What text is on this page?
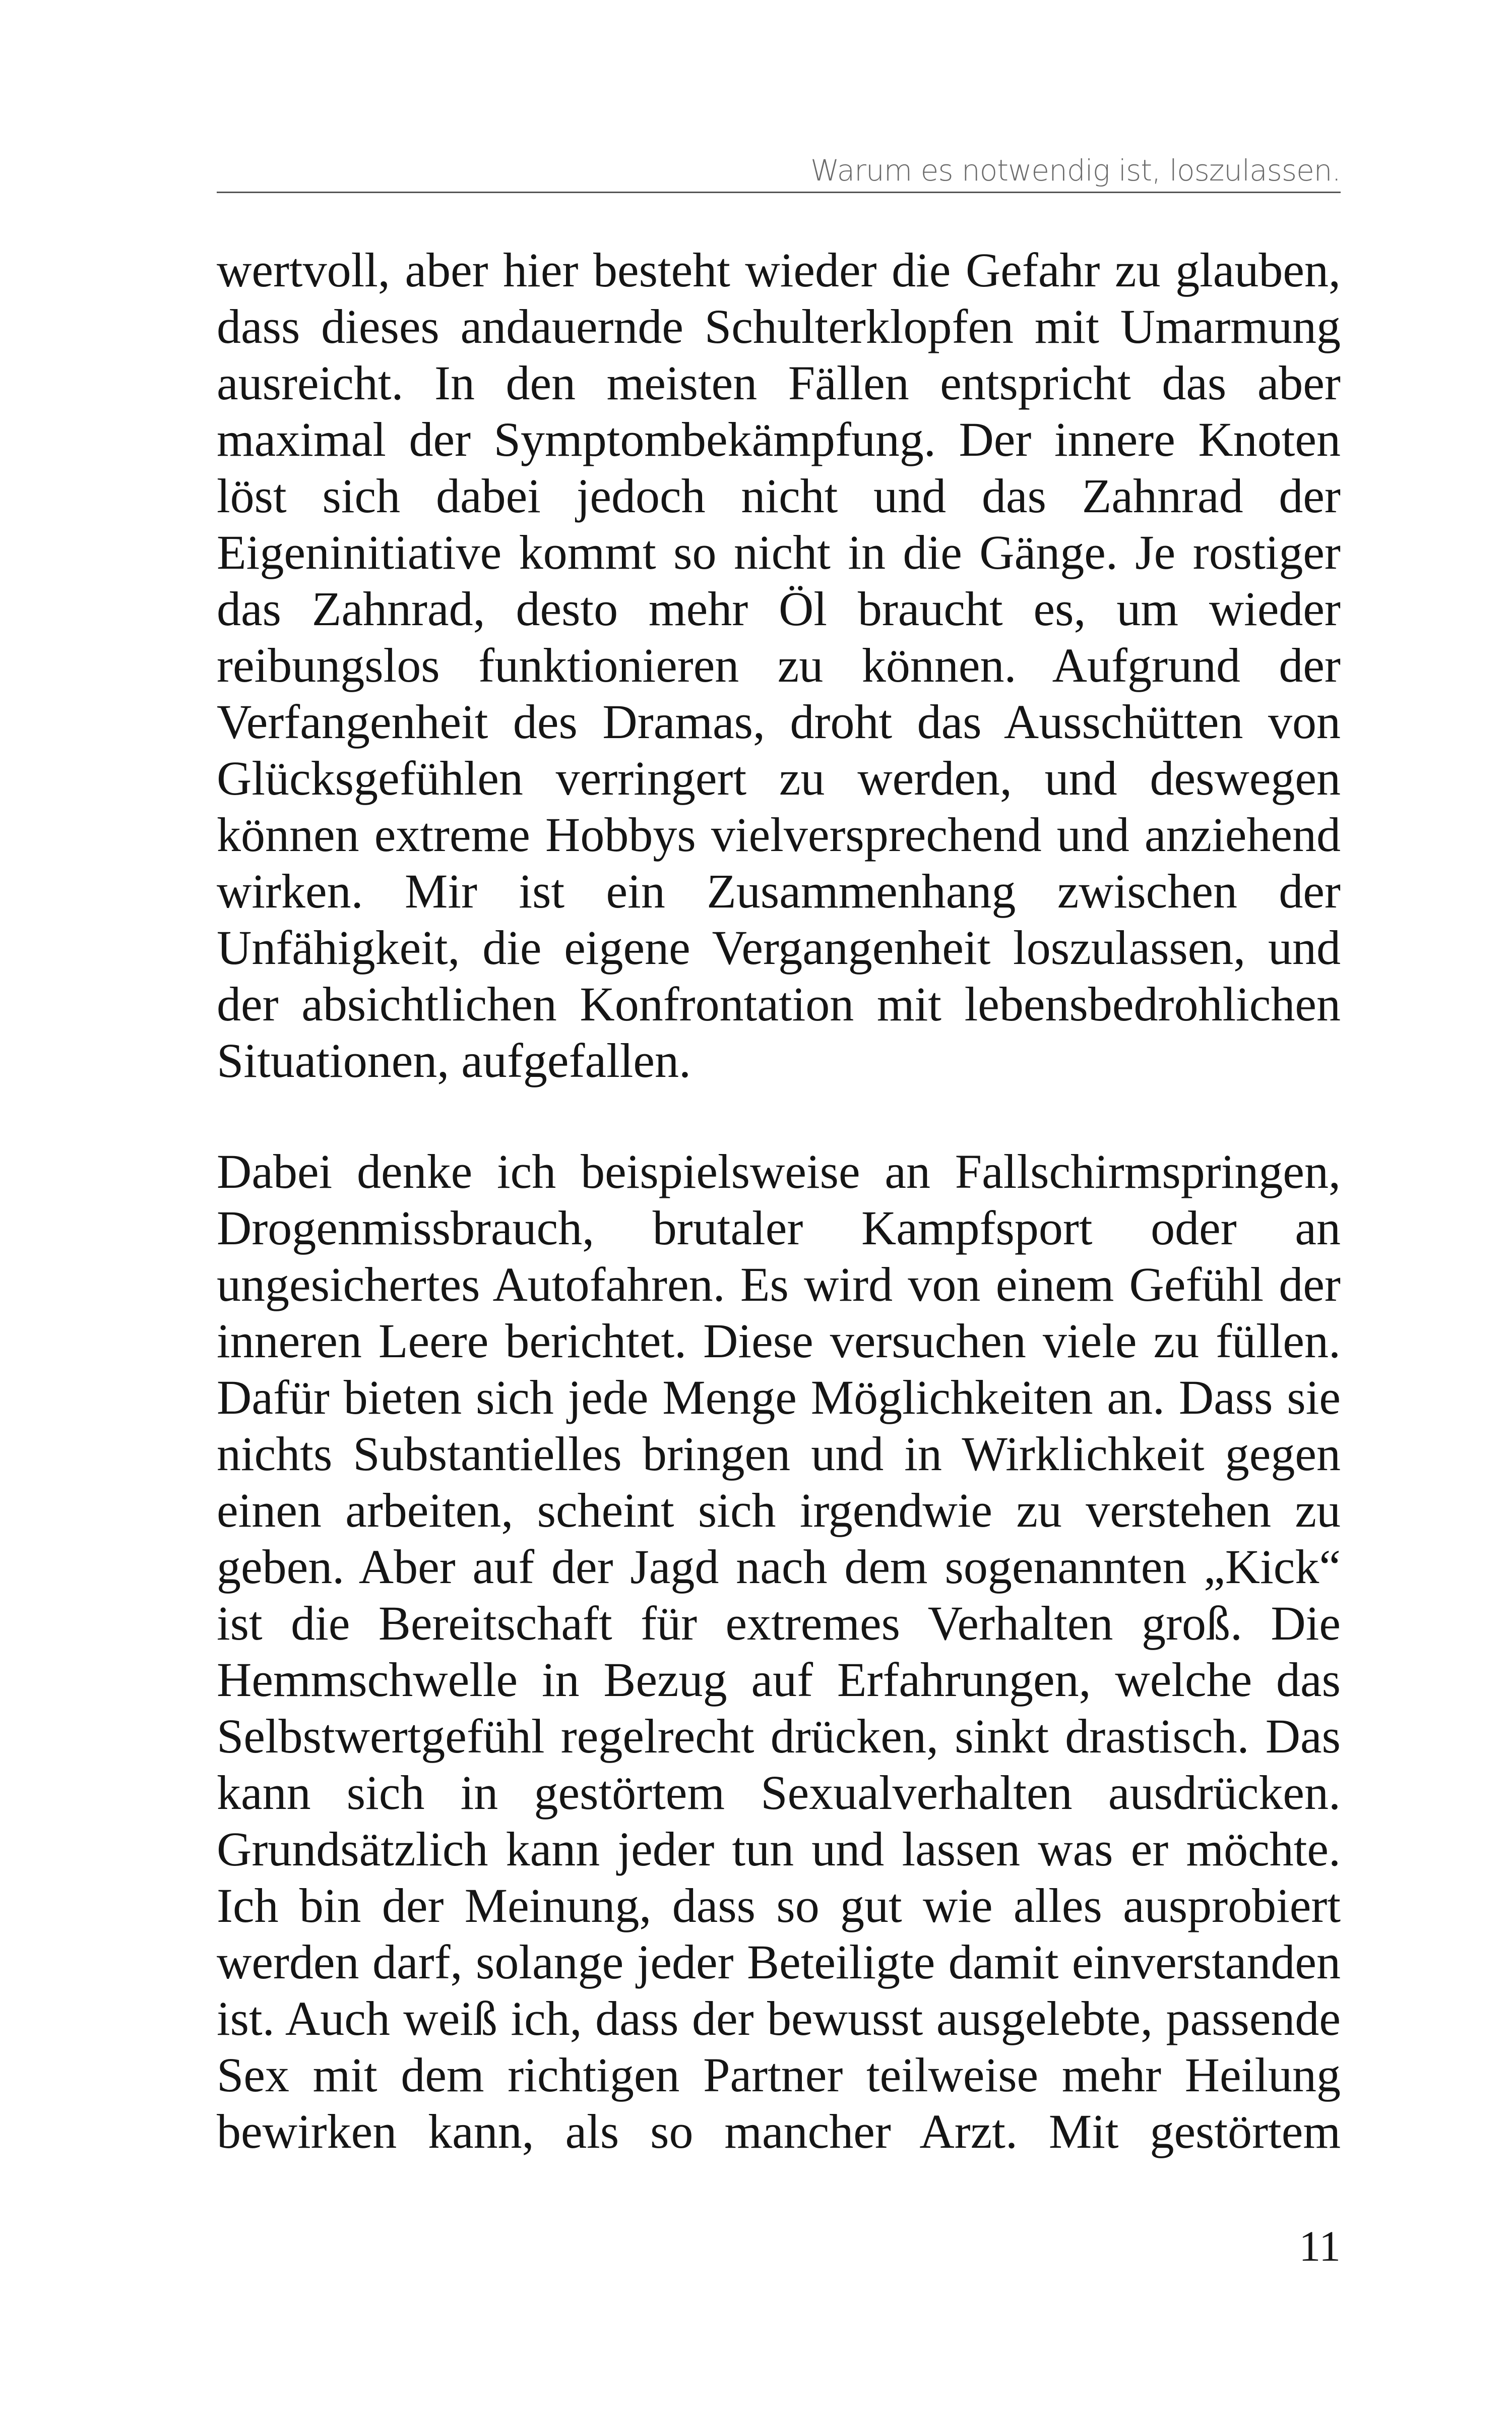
Warum es notwendig ist, loszulassen.

wertvoll, aber hier besteht wieder die Gefahr zu glauben, dass dieses andauernde Schulterklopfen mit Umarmung ausreicht. In den meisten Fällen entspricht das aber maximal der Symptombekämpfung. Der innere Knoten löst sich dabei jedoch nicht und das Zahnrad der Eigeninitiative kommt so nicht in die Gänge. Je rostiger das Zahnrad, desto mehr Öl braucht es, um wieder reibungslos funktionieren zu können. Aufgrund der Verfangenheit des Dramas, droht das Ausschütten von Glücksgefühlen verringert zu werden, und deswegen können extreme Hobbys vielversprechend und anziehend wirken. Mir ist ein Zusammenhang zwischen der Unfähigkeit, die eigene Vergangenheit loszulassen, und der absichtlichen Konfrontation mit lebensbedrohlichen Situationen, aufgefallen.

Dabei denke ich beispielsweise an Fallschirmspringen, Drogenmissbrauch, brutaler Kampfsport oder an ungesichertes Autofahren. Es wird von einem Gefühl der inneren Leere berichtet. Diese versuchen viele zu füllen. Dafür bieten sich jede Menge Möglichkeiten an. Dass sie nichts Substantielles bringen und in Wirklichkeit gegen einen arbeiten, scheint sich irgendwie zu verstehen zu geben. Aber auf der Jagd nach dem sogenannten „Kick“ ist die Bereitschaft für extremes Verhalten groß. Die Hemmschwelle in Bezug auf Erfahrungen, welche das Selbstwertgefühl regelrecht drücken, sinkt drastisch. Das kann sich in gestörtem Sexualverhalten ausdrücken. Grundsätzlich kann jeder tun und lassen was er möchte. Ich bin der Meinung, dass so gut wie alles ausprobiert werden darf, solange jeder Beteiligte damit einverstanden ist. Auch weiß ich, dass der bewusst ausgelebte, passende Sex mit dem richtigen Partner teilweise mehr Heilung bewirken kann, als so mancher Arzt. Mit gestörtem

11
